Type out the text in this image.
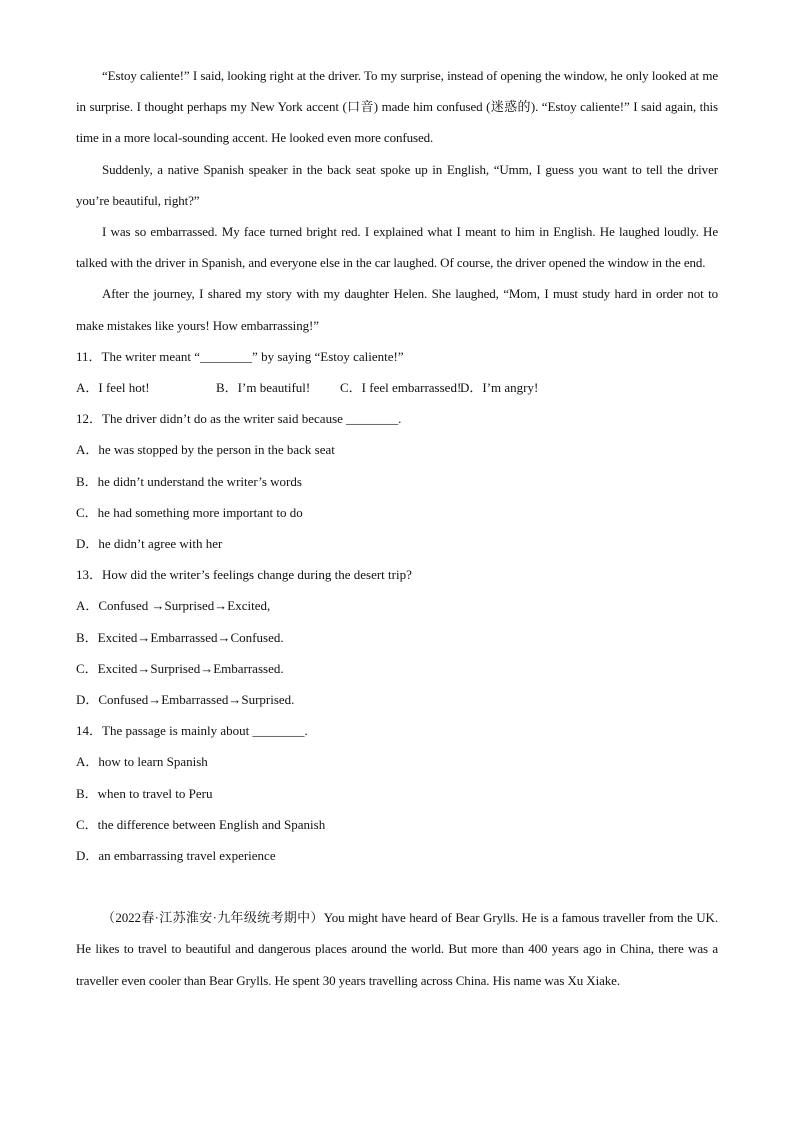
“Estoy caliente!” I said, looking right at the driver. To my surprise, instead of opening the window, he only looked at me in surprise. I thought perhaps my New York accent (口音) made him confused (迷惑的). “Estoy caliente!” I said again, this time in a more local-sounding accent. He looked even more confused.

Suddenly, a native Spanish speaker in the back seat spoke up in English, “Umm, I guess you want to tell the driver you’re beautiful, right?”

I was so embarrassed. My face turned bright red. I explained what I meant to him in English. He laughed loudly. He talked with the driver in Spanish, and everyone else in the car laughed. Of course, the driver opened the window in the end.

After the journey, I shared my story with my daughter Helen. She laughed, “Mom, I must study hard in order not to make mistakes like yours! How embarrassing!”

11．The writer meant “________” by saying “Estoy caliente!”

A．I feel hot!	B．I’m beautiful!	C．I feel embarrassed!
D．I’m angry!

12．The driver didn’t do as the writer said because ________.

A．he was stopped by the person in the back seat

B．he didn’t understand the writer’s words

C．he had something more important to do

D．he didn’t agree with her

13．How did the writer’s feelings change during the desert trip?

A．Confused →Surprised→Excited,

B．Excited→Embarrassed→Confused.

C．Excited→Surprised→Embarrassed.

D．Confused→Embarrassed→Surprised.

14．The passage is mainly about ________.

A．how to learn Spanish

B．when to travel to Peru

C．the difference between English and Spanish

D．an embarrassing travel experience

（2022春·江苏淮安·九年级统考期中）You might have heard of Bear Grylls. He is a famous traveller from the UK. He likes to travel to beautiful and dangerous places around the world. But more than 400 years ago in China, there was a traveller even cooler than Bear Grylls. He spent 30 years travelling across China. His name was Xu Xiake.
